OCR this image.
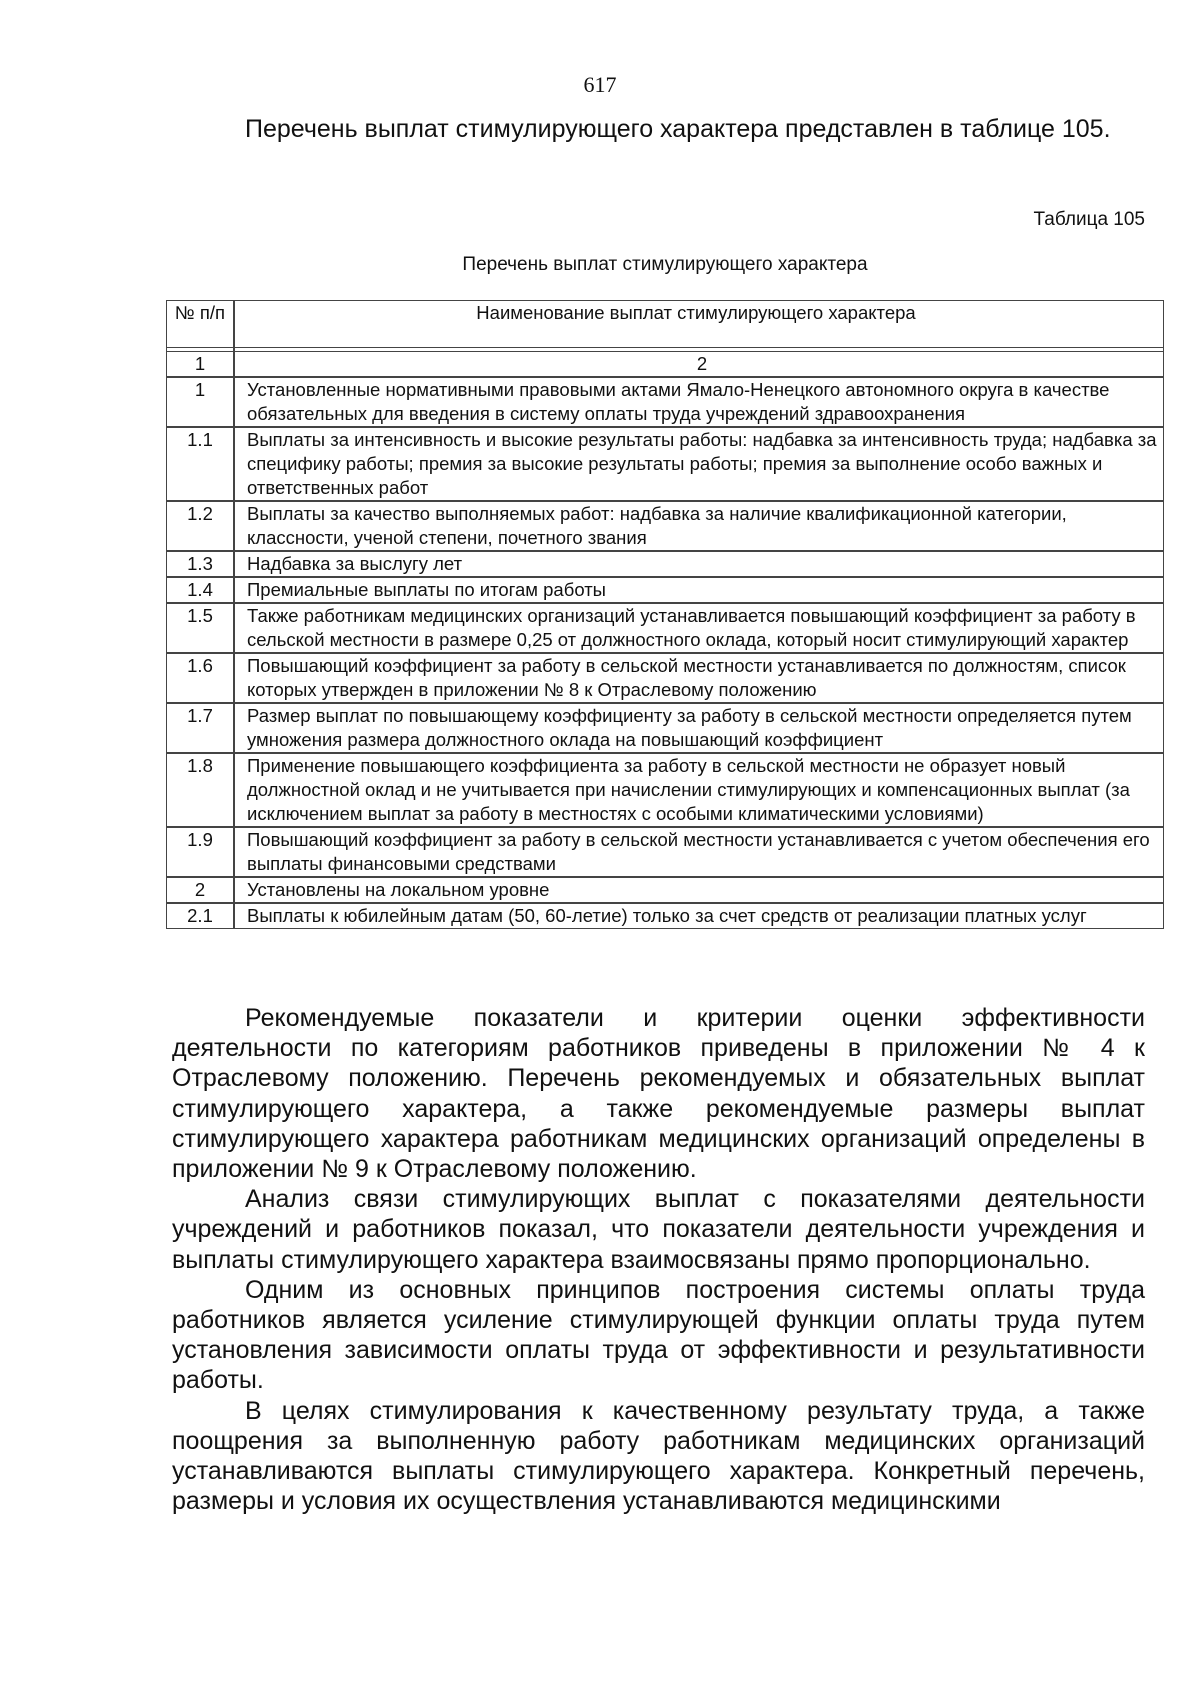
617

Перечень выплат стимулирующего характера представлен в таблице 105.

Таблица 105
Перечень выплат стимулирующего характера
№ п/п	Наименование выплат стимулирующего характера

1	2
1	Установленные нормативными правовыми актами Ямало-Ненецкого автономного округа в качестве обязательных для введения в систему оплаты труда учреждений здравоохранения
1.1	Выплаты за интенсивность и высокие результаты работы: надбавка за интенсивность труда; надбавка за специфику работы; премия за высокие результаты работы; премия за выполнение особо важных и ответственных работ
1.2	Выплаты за качество выполняемых работ: надбавка за наличие квалификационной категории, классности, ученой степени, почетного звания
1.3	Надбавка за выслугу лет
1.4	Премиальные выплаты по итогам работы
1.5	Также работникам медицинских организаций устанавливается повышающий коэффициент за работу в сельской местности в размере 0,25 от должностного оклада, который носит стимулирующий характер
1.6	Повышающий коэффициент за работу в сельской местности устанавливается по должностям, список которых утвержден в приложении № 8 к Отраслевому положению
1.7	Размер выплат по повышающему коэффициенту за работу в сельской местности определяется путем умножения размера должностного оклада на повышающий коэффициент
1.8	Применение повышающего коэффициента за работу в сельской местности не образует новый должностной оклад и не учитывается при начислении стимулирующих и компенсационных выплат (за исключением выплат за работу в местностях с особыми климатическими условиями)
1.9	Повышающий коэффициент за работу в сельской местности устанавливается с учетом обеспечения его выплаты финансовыми средствами
2	Установлены на локальном уровне
2.1	Выплаты к юбилейным датам (50, 60-летие) только за счет средств от реализации платных услуг

Рекомендуемые показатели и критерии оценки эффективности деятельности по категориям работников приведены в приложении № 4 к Отраслевому положению. Перечень рекомендуемых и обязательных выплат стимулирующего характера, а также рекомендуемые размеры выплат стимулирующего характера работникам медицинских организаций определены в приложении № 9 к Отраслевому положению.

Анализ связи стимулирующих выплат с показателями деятельности учреждений и работников показал, что показатели деятельности учреждения и выплаты стимулирующего характера взаимосвязаны прямо пропорционально.

Одним из основных принципов построения системы оплаты труда работников является усиление стимулирующей функции оплаты труда путем установления зависимости оплаты труда от эффективности и результативности работы.

В целях стимулирования к качественному результату труда, а также поощрения за выполненную работу работникам медицинских организаций устанавливаются выплаты стимулирующего характера. Конкретный перечень, размеры и условия их осуществления устанавливаются медицинскими
